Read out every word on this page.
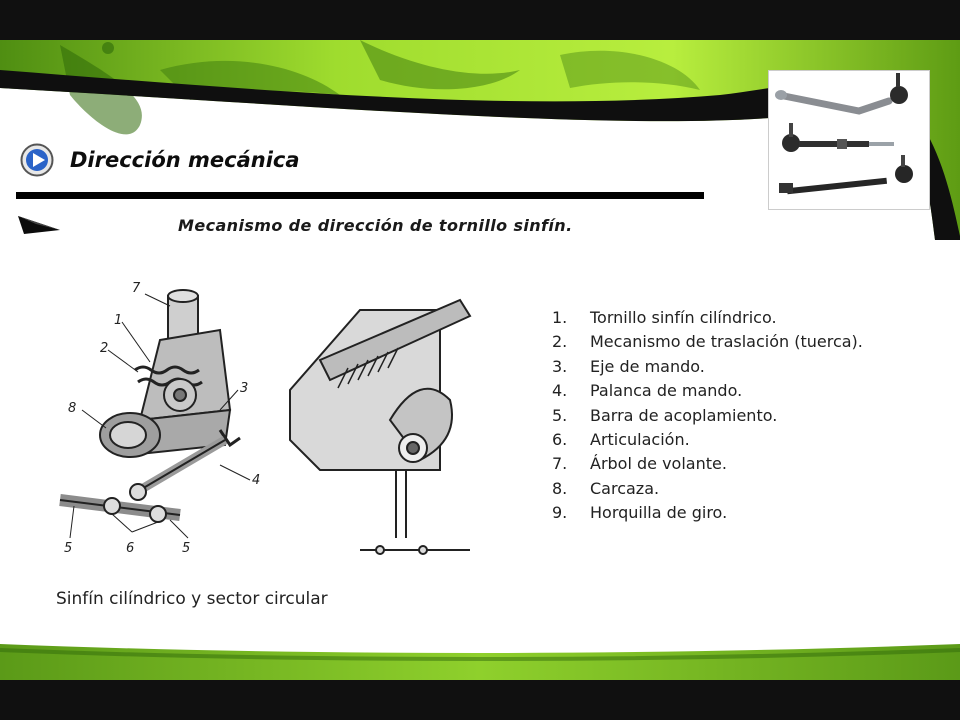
Dirección mecánica
Mecanismo de dirección de tornillo sinfín.
7
1
2
8
3
4
5	6	5
Sinfín cilíndrico y sector circular
1. Tornillo sinfín cilíndrico.
2. Mecanismo de traslación (tuerca).
3. Eje de mando.
4. Palanca de mando.
5. Barra de acoplamiento.
6. Articulación.
7. Árbol de volante.
8. Carcaza.
9. Horquilla de giro.
